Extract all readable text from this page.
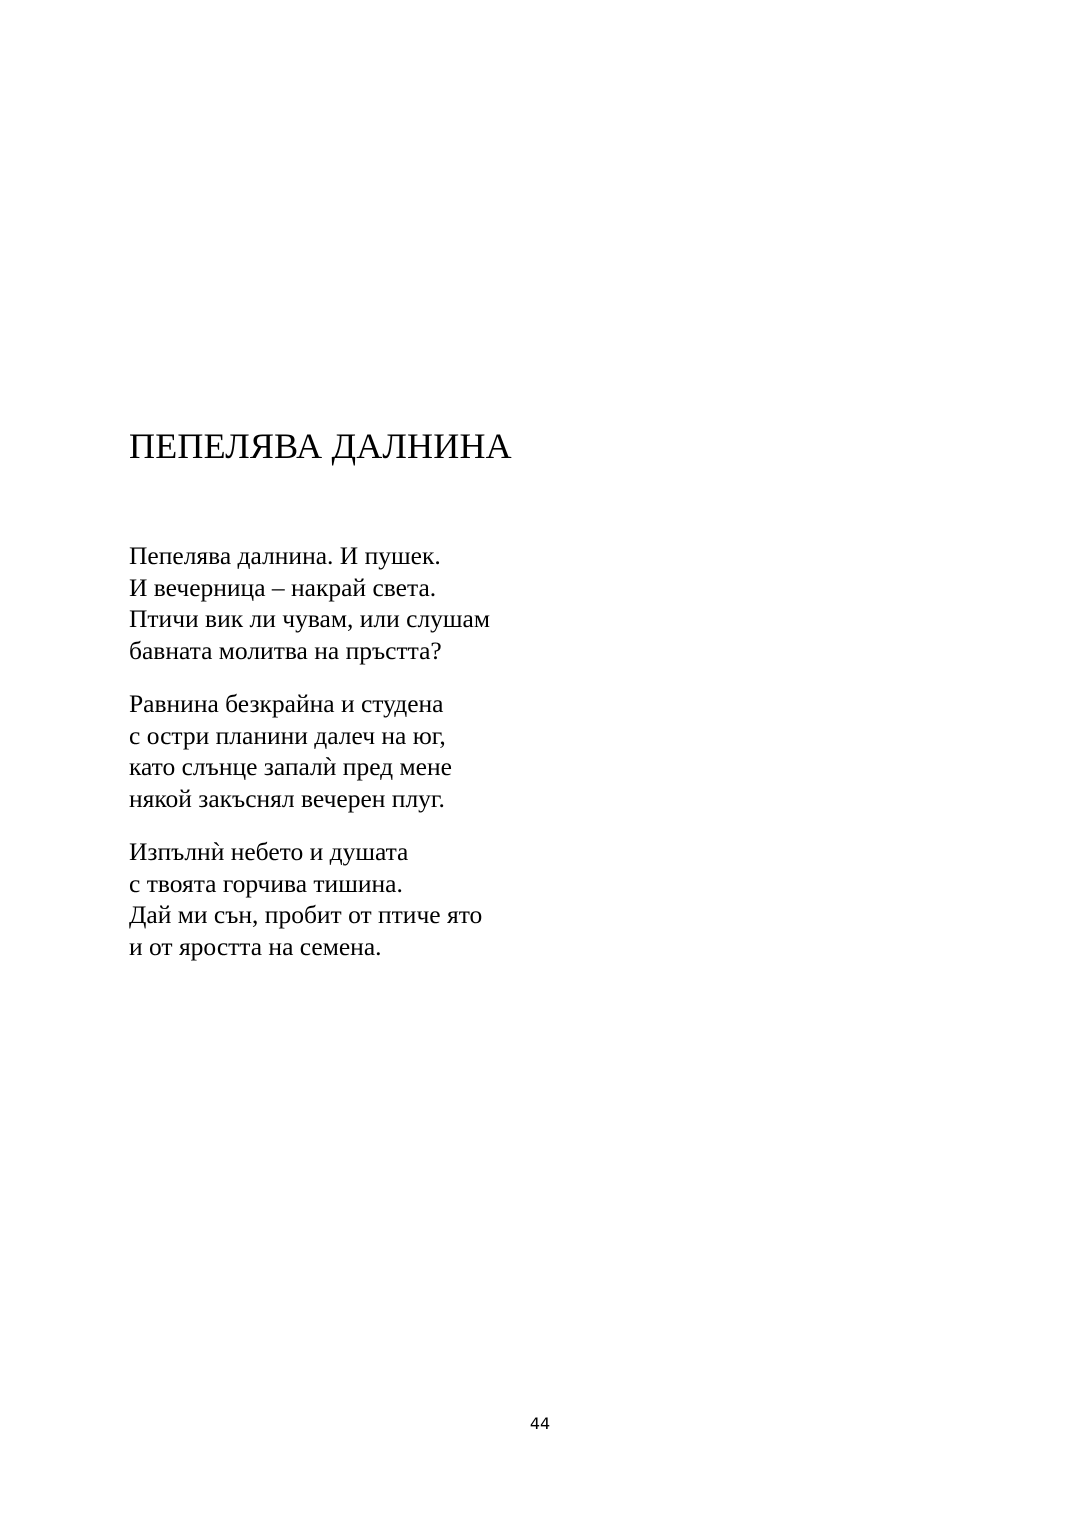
ПЕПЕЛЯВА ДАЛНИНА
Пепелява далнина. И пушек.
И вечерница – накрай света.
Птичи вик ли чувам, или слушам
бавната молитва на пръстта?
Равнина безкрайна и студена
с остри планини далеч на юг,
като слънце запалѝ пред мене
някой закъснял вечерен плуг.
Изпълнѝ небето и душата
с твоята горчива тишина.
Дай ми сън, пробит от птиче ято
и от яростта на семена.
44
